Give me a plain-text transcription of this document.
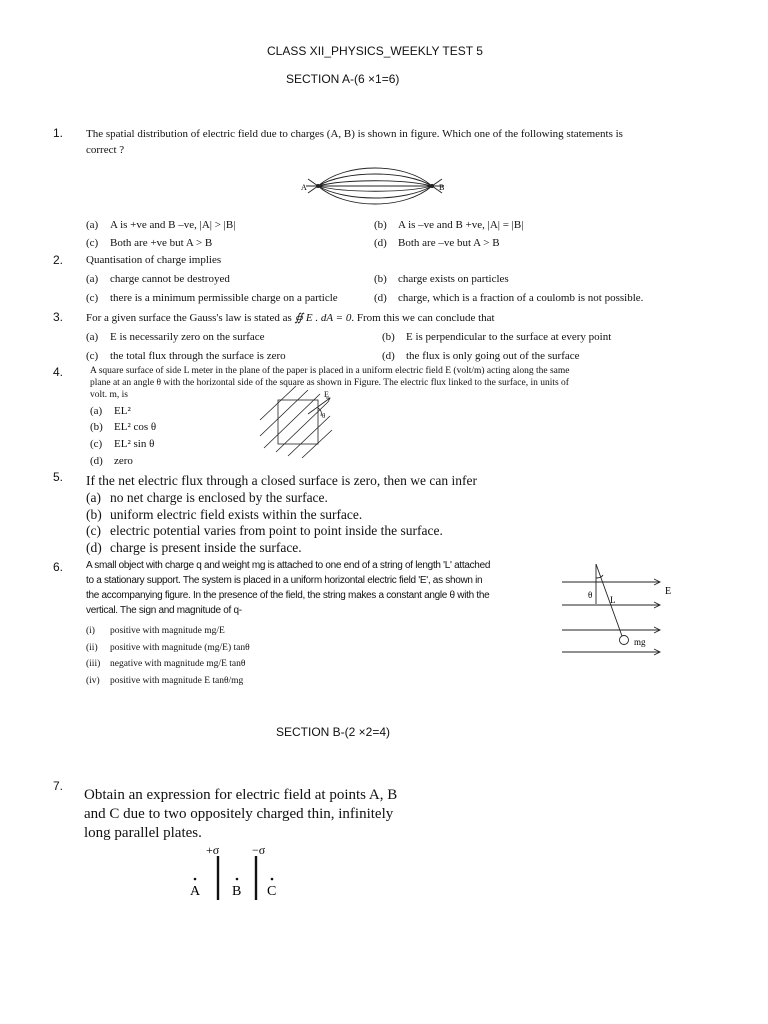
CLASS XII_PHYSICS_WEEKLY TEST 5
SECTION A-(6 ×1=6)
1. The spatial distribution of electric field due to charges (A, B) is shown in figure. Which one of the following statements is
correct ?
A	B
(a) A is +ve and B –ve, |A| > |B|	(b) A is –ve and B +ve, |A| = |B|
(c) Both are +ve but A > B	(d) Both are –ve but A > B
2. Quantisation of charge implies
(a) charge cannot be destroyed	(b) charge exists on particles
(c) there is a minimum permissible charge on a particle	(d) charge, which is a fraction of a coulomb is not possible.
3. For a given surface the Gauss's law is stated as ∯ E . dA = 0. From this we can conclude that
(a) E is necessarily zero on the surface	(b) E is perpendicular to the surface at every point
(c) the total flux through the surface is zero	(d) the flux is only going out of the surface
4.	A square surface of side L meter in the plane of the paper is placed in a uniform electric field E (volt/m) acting along the same
plane at an angle θ with the horizontal side of the square as shown in Figure. The electric flux linked to the surface, in units of
volt. m, is
(a) EL²
(b) EL² cos θ
(c) EL² sin θ
(d) zero
E
θ
5. If the net electric flux through a closed surface is zero, then we can infer
(a) no net charge is enclosed by the surface.
(b) uniform electric field exists within the surface.
(c) electric potential varies from point to point inside the surface.
(d) charge is present inside the surface.
6. A small object with charge q and weight mg is attached to one end of a string of length 'L' attached
to a stationary support. The system is placed in a uniform horizontal electric field 'E', as shown in
the accompanying figure. In the presence of the field, the string makes a constant angle θ with the
vertical. The sign and magnitude of q-
(i) positive with magnitude mg/E
(ii) positive with magnitude (mg/E) tanθ
(iii) negative with magnitude mg/E tanθ
(iv) positive with magnitude E tanθ/mg
E
θ L
mg
SECTION B-(2 ×2=4)
7.
Obtain an expression for electric field at points A, B
and C due to two oppositely charged thin, infinitely
long parallel plates.
+σ	−σ
A B C
